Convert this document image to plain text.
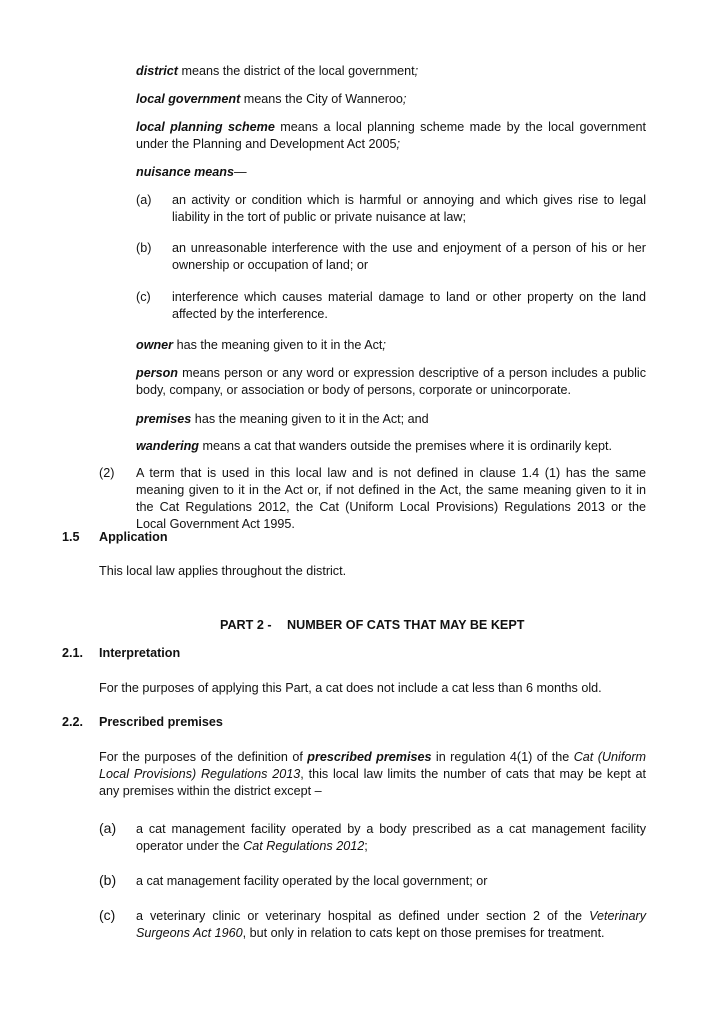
district means the district of the local government;
local government means the City of Wanneroo;
local planning scheme means a local planning scheme made by the local government under the Planning and Development Act 2005;
nuisance means—
(a) an activity or condition which is harmful or annoying and which gives rise to legal liability in the tort of public or private nuisance at law;
(b) an unreasonable interference with the use and enjoyment of a person of his or her ownership or occupation of land; or
(c) interference which causes material damage to land or other property on the land affected by the interference.
owner has the meaning given to it in the Act;
person means person or any word or expression descriptive of a person includes a public body, company, or association or body of persons, corporate or unincorporate.
premises has the meaning given to it in the Act; and
wandering means a cat that wanders outside the premises where it is ordinarily kept.
(2) A term that is used in this local law and is not defined in clause 1.4 (1) has the same meaning given to it in the Act or, if not defined in the Act, the same meaning given to it in the Cat Regulations 2012, the Cat (Uniform Local Provisions) Regulations 2013 or the Local Government Act 1995.
1.5 Application
This local law applies throughout the district.
PART 2 - NUMBER OF CATS THAT MAY BE KEPT
2.1. Interpretation
For the purposes of applying this Part, a cat does not include a cat less than 6 months old.
2.2. Prescribed premises
For the purposes of the definition of prescribed premises in regulation 4(1) of the Cat (Uniform Local Provisions) Regulations 2013, this local law limits the number of cats that may be kept at any premises within the district except –
(a) a cat management facility operated by a body prescribed as a cat management facility operator under the Cat Regulations 2012;
(b) a cat management facility operated by the local government; or
(c) a veterinary clinic or veterinary hospital as defined under section 2 of the Veterinary Surgeons Act 1960, but only in relation to cats kept on those premises for treatment.
